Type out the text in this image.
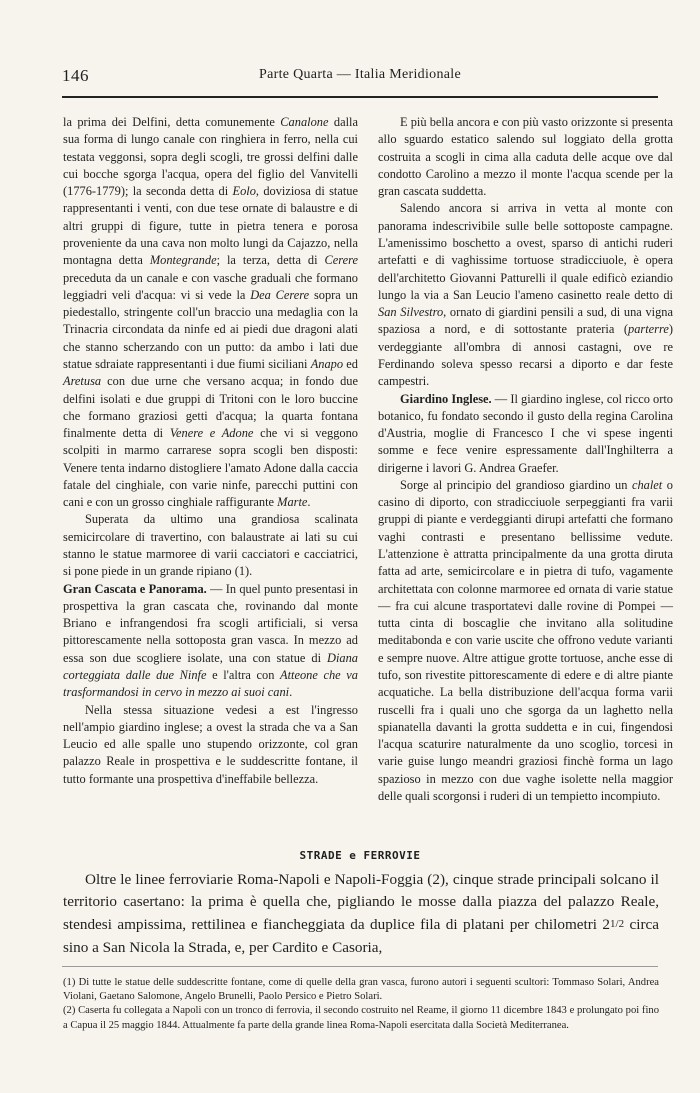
146	Parte Quarta — Italia Meridionale

la prima dei Delfini, detta comunemente Canalone dalla sua forma di lungo canale con ringhiera in ferro, nella cui testata veggonsi, sopra degli scogli, tre grossi delfini dalle cui bocche sgorga l'acqua, opera del figlio del Vanvitelli (1776-1779); la seconda detta di Eolo, doviziosa di statue rappresentanti i venti, con due tese ornate di balaustre e di altri gruppi di figure, tutte in pietra tenera e porosa proveniente da una cava non molto lungi da Cajazzo, nella montagna detta Montegrande; la terza, detta di Cerere preceduta da un canale e con vasche graduali che formano leggiadri veli d'acqua: vi si vede la Dea Cerere sopra un piedestallo, stringente coll'un braccio una medaglia con la Trinacria circondata da ninfe ed ai piedi due dragoni alati che stanno scherzando con un putto: da ambo i lati due statue sdraiate rappresentanti i due fiumi siciliani Anapo ed Aretusa con due urne che versano acqua; in fondo due delfini isolati e due gruppi di Tritoni con le loro buccine che formano graziosi getti d'acqua; la quarta fontana finalmente detta di Venere e Adone che vi si veggono scolpiti in marmo carrarese sopra scogli ben disposti: Venere tenta indarno distogliere l'amato Adone dalla caccia fatale del cinghiale, con varie ninfe, parecchi puttini con cani e con un grosso cinghiale raffigurante Marte.

Superata da ultimo una grandiosa scalinata semicircolare di travertino, con balaustrate ai lati su cui stanno le statue marmoree di varii cacciatori e cacciatrici, si pone piede in un grande ripiano (1).

Gran Cascata e Panorama. — In quel punto presentasi in prospettiva la gran cascata che, rovinando dal monte Briano e infrangendosi fra scogli artificiali, si versa pittorescamente nella sottoposta gran vasca. In mezzo ad essa son due scogliere isolate, una con statue di Diana corteggiata dalle due Ninfe e l'altra con Atteone che va trasformandosi in cervo in mezzo ai suoi cani.

Nella stessa situazione vedesi a est l'ingresso nell'ampio giardino inglese; a ovest la strada che va a San Leucio ed alle spalle uno stupendo orizzonte, col gran palazzo Reale in prospettiva e le suddescritte fontane, il tutto formante una prospettiva d'ineffabile bellezza.

E più bella ancora e con più vasto orizzonte si presenta allo sguardo estatico salendo sul loggiato della grotta costruita a scogli in cima alla caduta delle acque ove dal condotto Carolino a mezzo il monte l'acqua scende per la gran cascata suddetta.

Salendo ancora si arriva in vetta al monte con panorama indescrivibile sulle belle sottoposte campagne. L'amenissimo boschetto a ovest, sparso di antichi ruderi artefatti e di vaghissime tortuose stradicciuole, è opera dell'architetto Giovanni Patturelli il quale edificò eziandio lungo la via a San Leucio l'ameno casinetto reale detto di San Silvestro, ornato di giardini pensili a sud, di una vigna spaziosa a nord, e di sottostante prateria (parterre) verdeggiante all'ombra di annosi castagni, ove re Ferdinando soleva spesso recarsi a diporto e dar feste campestri.

Giardino Inglese. — Il giardino inglese, col ricco orto botanico, fu fondato secondo il gusto della regina Carolina d'Austria, moglie di Francesco I che vi spese ingenti somme e fece venire espressamente dall'Inghilterra a dirigerne i lavori G. Andrea Graefer.

Sorge al principio del grandioso giardino un chalet o casino di diporto, con stradicciuole serpeggianti fra varii gruppi di piante e verdeggianti dirupi artefatti che formano vaghi contrasti e presentano bellissime vedute. L'attenzione è attratta principalmente da una grotta diruta fatta ad arte, semicircolare e in pietra di tufo, vagamente architettata con colonne marmoree ed ornata di varie statue — fra cui alcune trasportatevi dalle rovine di Pompei — tutta cinta di boscaglie che invitano alla solitudine meditabonda e con varie uscite che offrono vedute varianti e sempre nuove. Altre attigue grotte tortuose, anche esse di tufo, son rivestite pittorescamente di edere e di altre piante acquatiche. La bella distribuzione dell'acqua forma varii ruscelli fra i quali uno che sgorga da un laghetto nella spianatella davanti la grotta suddetta e in cui, fingendosi l'acqua scaturire naturalmente da uno scoglio, torcesi in varie guise lungo meandri graziosi finchè forma un lago spazioso in mezzo con due vaghe isolette nella maggior delle quali scorgonsi i ruderi di un tempietto incompiuto.

STRADE e FERROVIE

Oltre le linee ferroviarie Roma-Napoli e Napoli-Foggia (2), cinque strade principali solcano il territorio casertano: la prima è quella che, pigliando le mosse dalla piazza del palazzo Reale, stendesi ampissima, rettilinea e fiancheggiata da duplice fila di platani per chilometri 21/2 circa sino a San Nicola la Strada, e, per Cardito e Casoria,

(1) Di tutte le statue delle suddescritte fontane, come di quelle della gran vasca, furono autori i seguenti scultori: Tommaso Solari, Andrea Violani, Gaetano Salomone, Angelo Brunelli, Paolo Persico e Pietro Solari.

(2) Caserta fu collegata a Napoli con un tronco di ferrovia, il secondo costruito nel Reame, il giorno 11 dicembre 1843 e prolungato poi fino a Capua il 25 maggio 1844. Attualmente fa parte della grande linea Roma-Napoli esercitata dalla Società Mediterranea.
